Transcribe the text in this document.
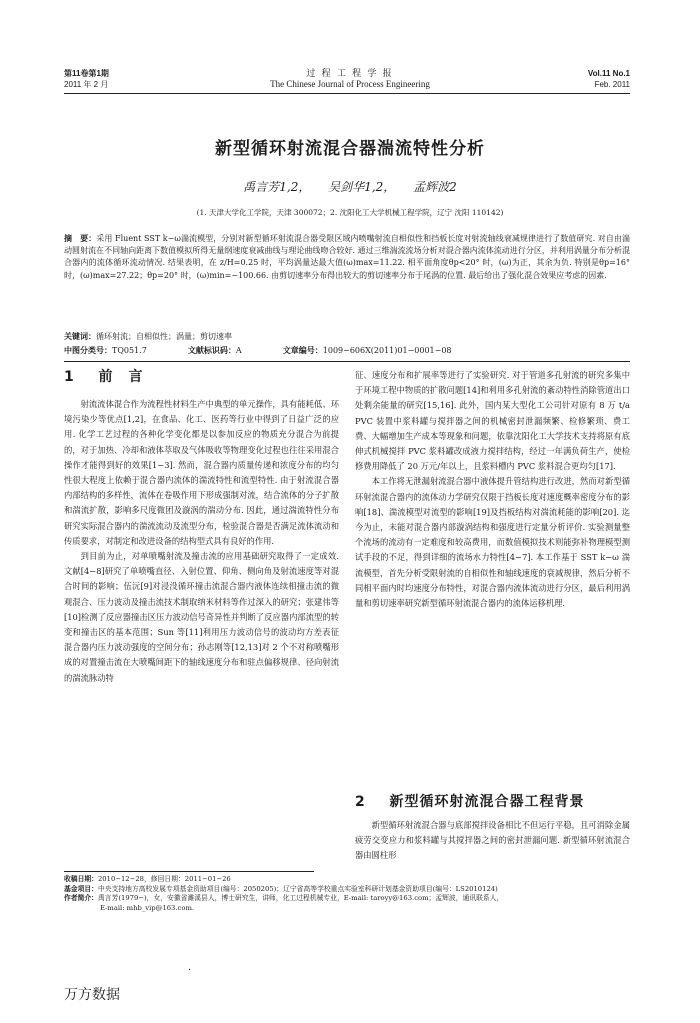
第11卷第1期
2011 年 2 月
过 程 工 程 学 报
The Chinese Journal of Process Engineering
Vol.11 No.1
Feb. 2011
新型循环射流混合器湍流特性分析
禹言芳1,2， 吴剑华1,2， 孟辉波2
(1. 天津大学化工学院，天津 300072；2. 沈阳化工大学机械工程学院，辽宁 沈阳 110142)
摘　要：采用 Fluent SST k−ω湍流模型，分别对新型循环射流混合器受限区域内喷嘴射流自相似性和挡板长度对射流轴线衰减规律进行了数值研究. 对自由湍动圆射流在不同轴向距离下数值模拟所得无量纲速度衰减曲线与理论曲线吻合较好. 通过三维湍流流场分析对混合器内流体流动进行分区，并利用涡量分布分析混合器内的流体循环流动情况. 结果表明，在 z/H=0.25 时，平均涡量达最大值(ω)max=11.22. 相平面角度θp<20° 时，(ω)为正，其余为负. 特别是θp=16° 时，(ω)max=27.22；θp=20° 时，(ω)min=−100.66. 由剪切速率分布得出较大的剪切速率分布于尾涡的位置. 最后给出了强化混合效果应考虑的因素.
关键词：循环射流；自相似性；涡量；剪切速率
中图分类号：TQ051.7	文献标识码：A	文章编号：1009−606X(2011)01−0001−08
1 前　言

射流流体混合作为流程性材料生产中典型的单元操作，具有能耗低、环境污染少等优点[1,2]，在食品、化工、医药等行业中得到了日益广泛的应用. 化学工艺过程的各种化学变化都是以参加反应的物质充分混合为前提的，对于加热、冷却和液体萃取及气体吸收等物理变化过程也往往采用混合操作才能得到好的效果[1−3]. 然而，混合器内质量传递和浓度分布的均匀性很大程度上依赖于混合器内流体的湍流特性和流型特性. 由于射流混合器内部结构的多样性，流体在卷吸作用下形成强制对流，结合流体的分子扩散和湍流扩散，影响多尺度微团及漩涡的湍动分布. 因此，通过湍流特性分布研究实际混合器内的湍流流动及流型分布，检验混合器是否满足流体流动和传质要求，对制定和改进设备的结构型式具有良好的作用.

到目前为止，对单喷嘴射流及撞击流的应用基础研究取得了一定成效. 文献[4−8]研究了单喷嘴直径、入射位置、仰角、侧向角及射流速度等对混合时间的影响；伍沅[9]对浸没循环撞击流混合器内液体连续相撞击流的微观混合、压力波动及撞击流技术制取纳米材料等作过深入的研究；张建伟等[10]检测了反应器撞击区压力波动信号奇异性并判断了反应器内部流型的转变和撞击区的基本范围；Sun 等[11]利用压力波动信号的波动均方差表征混合器内压力波动强度的空间分布；孙志刚等[12,13]对 2 个不对称喷嘴形成的对置撞击流在大喷嘴间距下的轴线速度分布和驻点偏移规律、径向射流的湍流脉动特

征、速度分布和扩展率等进行了实验研究. 对于管道多孔射流的研究多集中于环境工程中物质的扩散问题[14]和利用多孔射流的紊动特性消除管道出口处剩余能量的研究[15,16]. 此外，国内某大型化工公司针对原有 8 万 t/a PVC 装置中浆料罐与搅拌器之间的机械密封泄漏频繁、检修繁琐、费工费、大幅增加生产成本等现象和问题，依靠沈阳化工大学技术支持将原有底伸式机械搅拌 PVC 浆料罐改成液力搅拌结构，经过一年满负荷生产，使检修费用降低了 20 万元/年以上，且浆料槽内 PVC 浆料混合更均匀[17].

本工作将无泄漏射流混合器中液体提升管结构进行改进，然而对新型循环射流混合器内的流体动力学研究仅限于挡板长度对速度概率密度分布的影响[18]、湍流模型对流型的影响[19]及挡板结构对湍流耗能的影响[20]. 迄今为止，未能对混合器内部漩涡结构和强度进行定量分析评价. 实验测量整个流场的流动有一定难度和较高费用，而数值模拟技术则能弥补物理模型测试手段的不足，得到详细的流场水力特性[4−7]. 本工作基于 SST k−ω 湍流模型，首先分析受限射流的自相似性和轴线速度的衰减规律，然后分析不同相平面内时均速度分布特性，对混合器内流体流动进行分区，最后利用涡量和剪切速率研究新型循环射流混合器内的流体运移机理.

2 新型循环射流混合器工程背景

新型循环射流混合器与底部搅拌设备相比不但运行平稳，且可消除金属疲劳交变应力和浆料罐与其搅拌器之间的密封泄漏问题. 新型循环射流混合器由圆柱形

收稿日期：2010−12−28，修回日期：2011−01−26
基金项目：中央支持地方高校发展专项基金资助项目(编号：2050205)；辽宁省高等学校重点实验室科研计划基金资助项目(编号：LS2010124)
作者简介：禹言芳(1979−)，女，安徽省濉溪县人，博士研究生，讲师，化工过程机械专业，E-mail: taroyy@163.com；孟辉波，通讯联系人，
E-mail: mhb_vip@163.com.
·
万方数据
